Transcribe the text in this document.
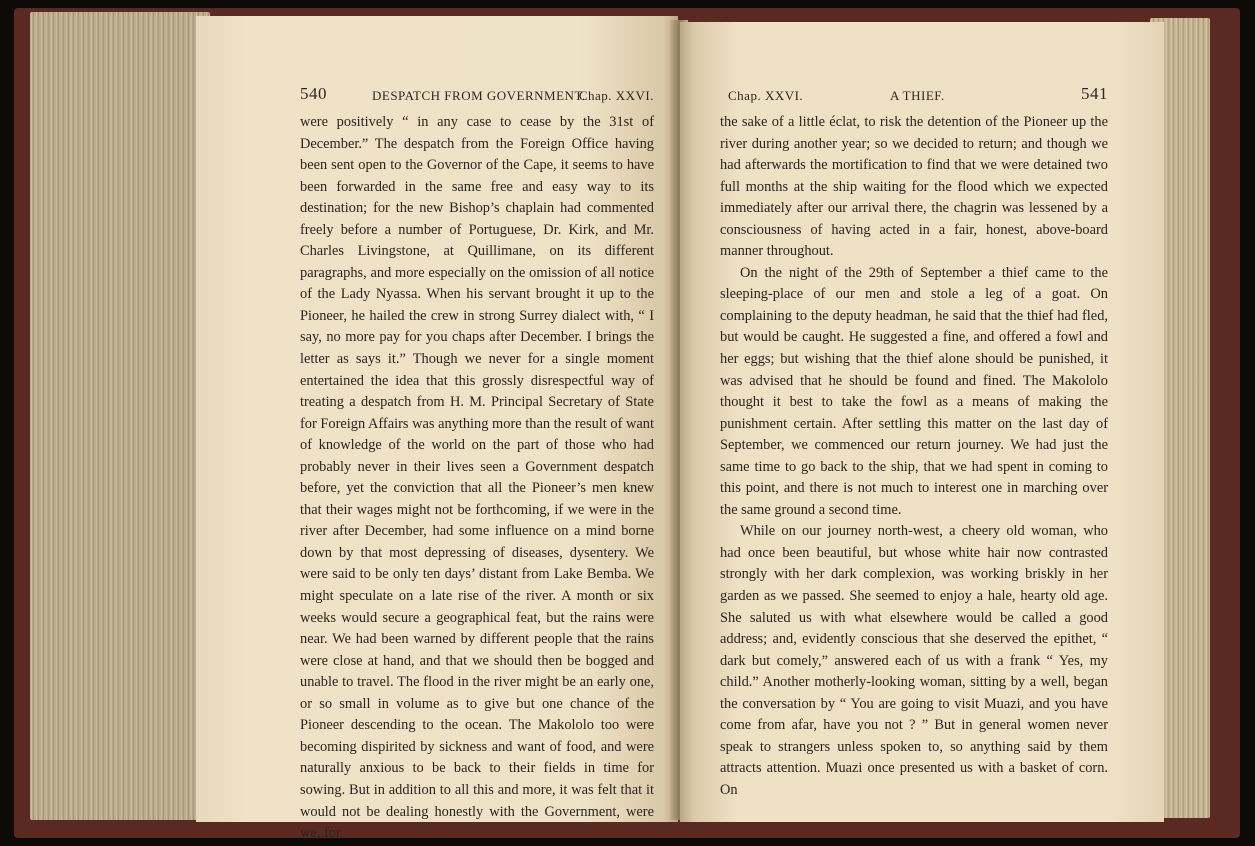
540	DESPATCH FROM GOVERNMENT.
Chap. XXVI.

were positively “ in any case to cease by the 31st of December.” The despatch from the Foreign Office having been sent open to the Governor of the Cape, it seems to have been forwarded in the same free and easy way to its destination; for the new Bishop’s chaplain had commented freely before a number of Portuguese, Dr. Kirk, and Mr. Charles Livingstone, at Quillimane, on its different paragraphs, and more especially on the omission of all notice of the Lady Nyassa. When his servant brought it up to the Pioneer, he hailed the crew in strong Surrey dialect with, “ I say, no more pay for you chaps after December. I brings the letter as says it.” Though we never for a single moment entertained the idea that this grossly disrespectful way of treating a despatch from H. M. Principal Secretary of State for Foreign Affairs was anything more than the result of want of knowledge of the world on the part of those who had probably never in their lives seen a Government despatch before, yet the conviction that all the Pioneer’s men knew that their wages might not be forthcoming, if we were in the river after December, had some influence on a mind borne down by that most depressing of diseases, dysentery. We were said to be only ten days’ distant from Lake Bemba. We might speculate on a late rise of the river. A month or six weeks would secure a geographical feat, but the rains were near. We had been warned by different people that the rains were close at hand, and that we should then be bogged and unable to travel. The flood in the river might be an early one, or so small in volume as to give but one chance of the Pioneer descending to the ocean. The Makololo too were becoming dispirited by sickness and want of food, and were naturally anxious to be back to their fields in time for sowing. But in addition to all this and more, it was felt that it would not be dealing honestly with the Government, were we, for

Chap. XXVI.	A THIEF.	541

the sake of a little éclat, to risk the detention of the Pioneer up the river during another year; so we decided to return; and though we had afterwards the mortification to find that we were detained two full months at the ship waiting for the flood which we expected immediately after our arrival there, the chagrin was lessened by a consciousness of having acted in a fair, honest, above-board manner throughout.

On the night of the 29th of September a thief came to the sleeping-place of our men and stole a leg of a goat. On complaining to the deputy headman, he said that the thief had fled, but would be caught. He suggested a fine, and offered a fowl and her eggs; but wishing that the thief alone should be punished, it was advised that he should be found and fined. The Makololo thought it best to take the fowl as a means of making the punishment certain. After settling this matter on the last day of September, we commenced our return journey. We had just the same time to go back to the ship, that we had spent in coming to this point, and there is not much to interest one in marching over the same ground a second time.

While on our journey north-west, a cheery old woman, who had once been beautiful, but whose white hair now contrasted strongly with her dark complexion, was working briskly in her garden as we passed. She seemed to enjoy a hale, hearty old age. She saluted us with what elsewhere would be called a good address; and, evidently conscious that she deserved the epithet, “ dark but comely,” answered each of us with a frank “ Yes, my child.” Another motherly-looking woman, sitting by a well, began the conversation by “ You are going to visit Muazi, and you have come from afar, have you not ? ” But in general women never speak to strangers unless spoken to, so anything said by them attracts attention. Muazi once presented us with a basket of corn. On
